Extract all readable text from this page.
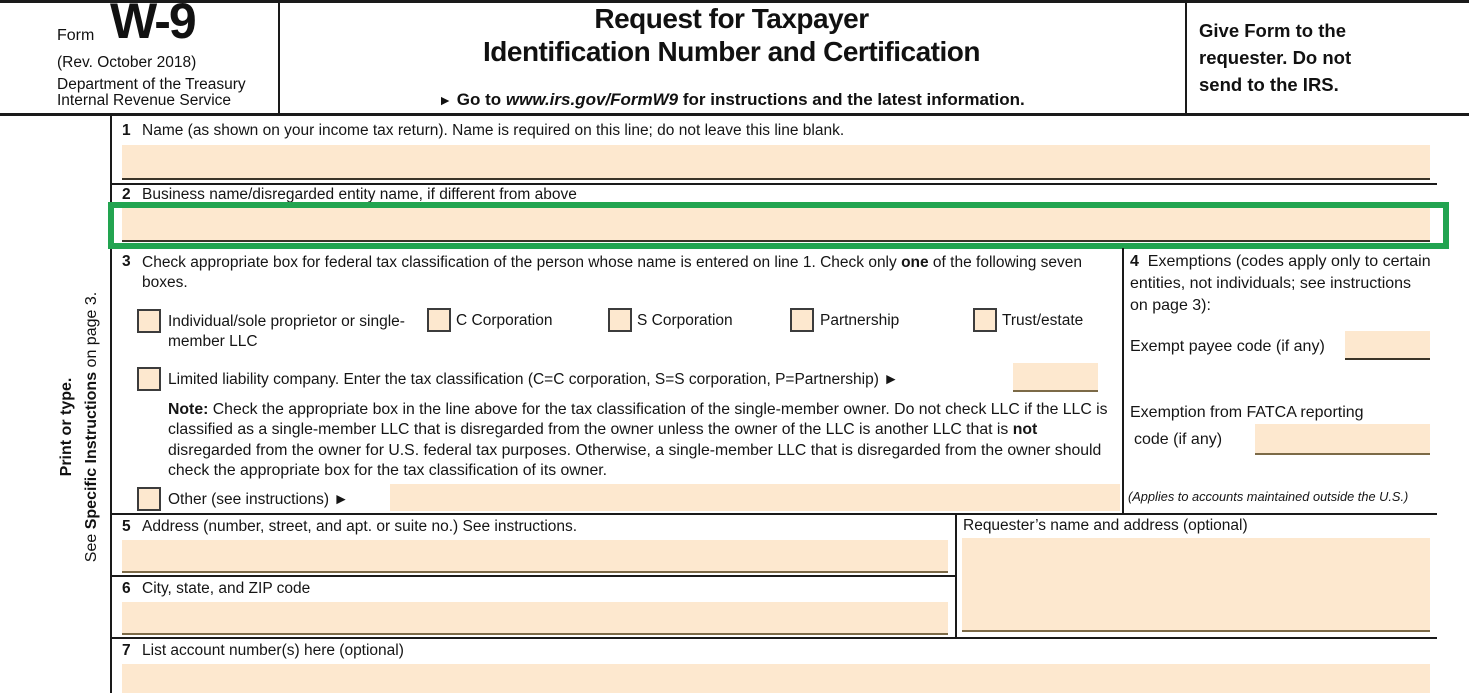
Form W-9
(Rev. October 2018)
Department of the Treasury
Internal Revenue Service
Request for Taxpayer
Identification Number and Certification
► Go to www.irs.gov/FormW9 for instructions and the latest information.
Give Form to the
requester. Do not
send to the IRS.
Print or type.
See Specific Instructions on page 3.
1 Name (as shown on your income tax return). Name is required on this line; do not leave this line blank.
2 Business name/disregarded entity name, if different from above
3 Check appropriate box for federal tax classification of the person whose name is entered on line 1. Check only one of the following seven boxes.
Individual/sole proprietor or single-member LLC
C Corporation	S Corporation	Partnership	Trust/estate
Limited liability company. Enter the tax classification (C=C corporation, S=S corporation, P=Partnership) ►
Note: Check the appropriate box in the line above for the tax classification of the single-member owner. Do not check LLC if the LLC is classified as a single-member LLC that is disregarded from the owner unless the owner of the LLC is another LLC that is not disregarded from the owner for U.S. federal tax purposes. Otherwise, a single-member LLC that is disregarded from the owner should check the appropriate box for the tax classification of its owner.
Other (see instructions) ►
4 Exemptions (codes apply only to certain entities, not individuals; see instructions on page 3):
Exempt payee code (if any)
Exemption from FATCA reporting
code (if any)
(Applies to accounts maintained outside the U.S.)
5 Address (number, street, and apt. or suite no.) See instructions.
6 City, state, and ZIP code
Requester’s name and address (optional)
7 List account number(s) here (optional)
